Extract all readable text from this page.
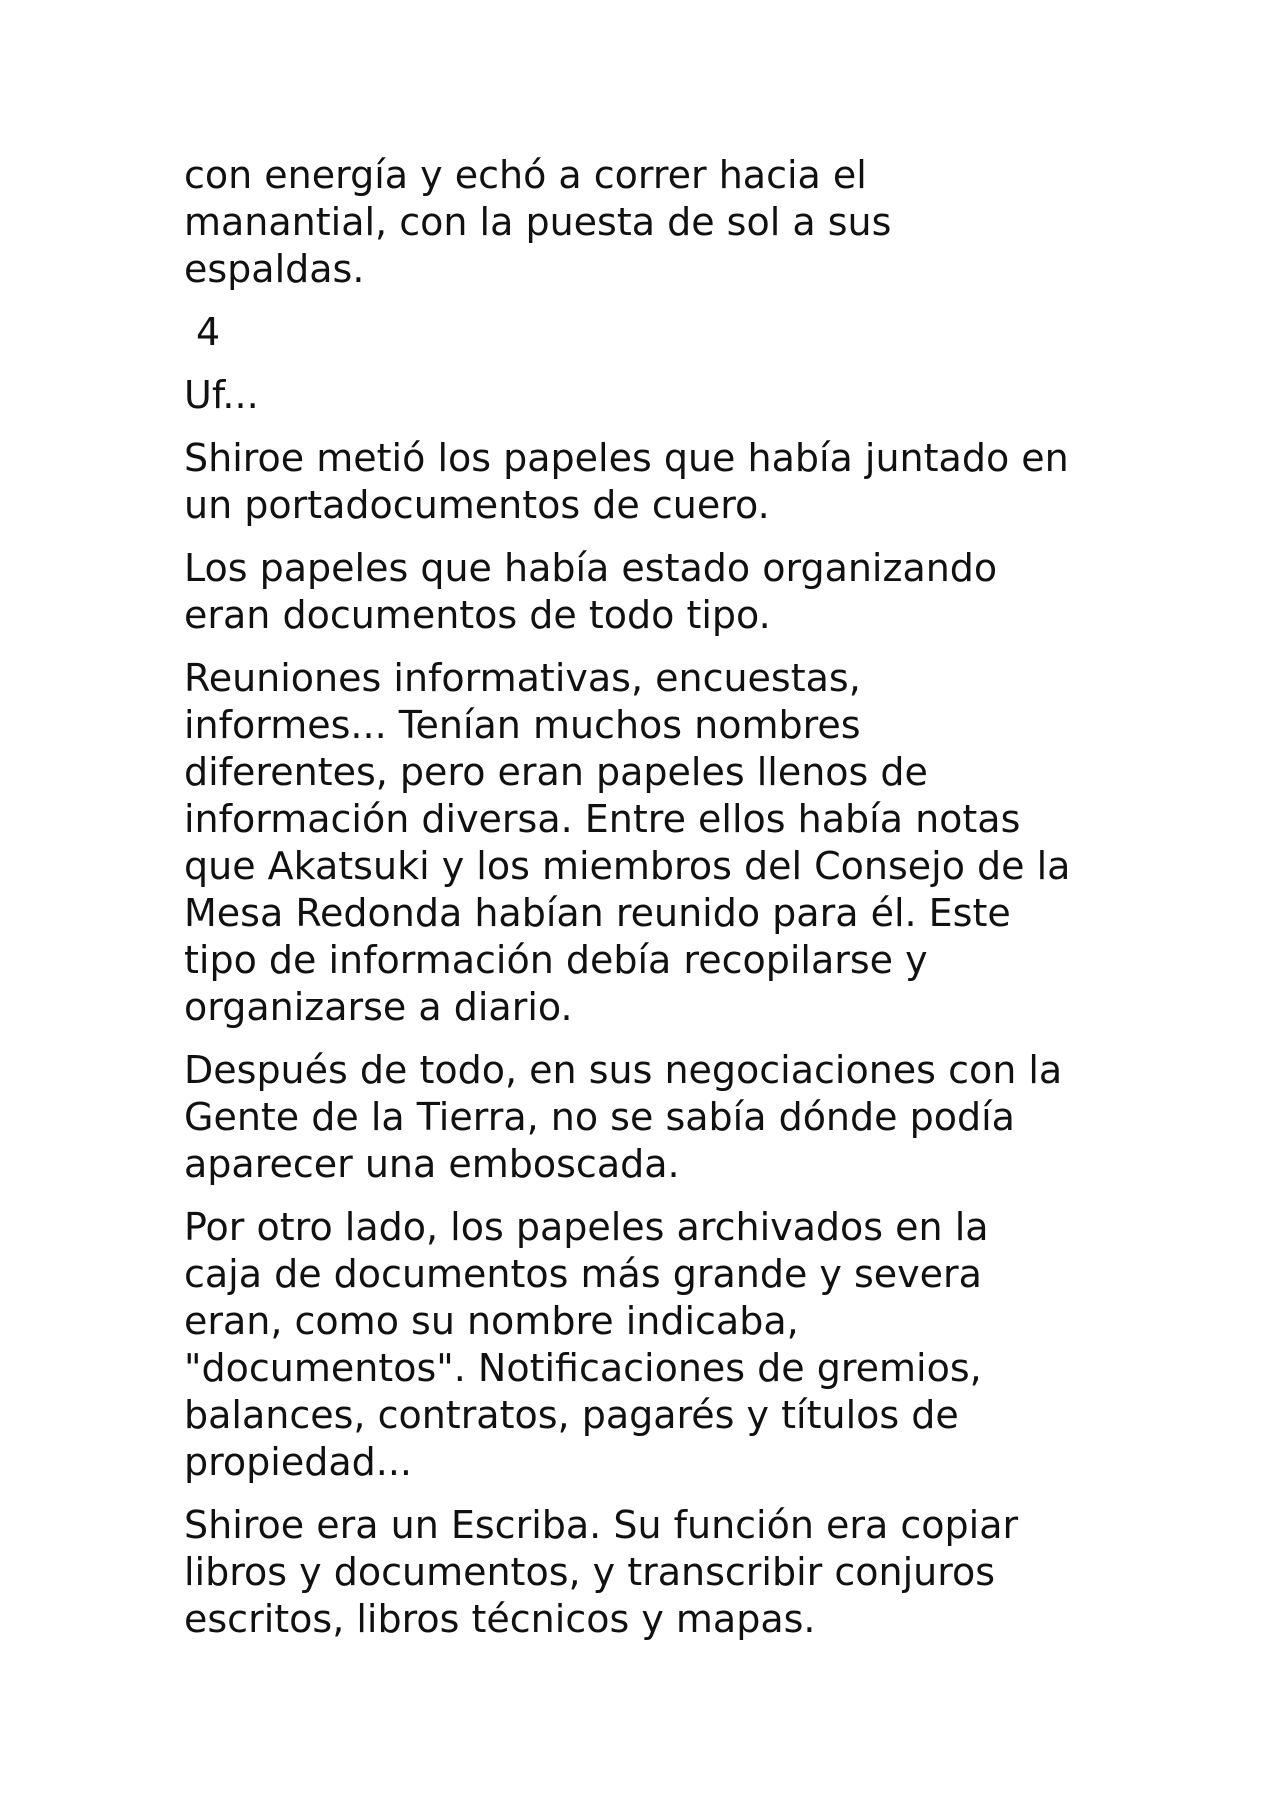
con energía y echó a correr hacia el
manantial, con la puesta de sol a sus
espaldas.

4

Uf...

Shiroe metió los papeles que había juntado en
un portadocumentos de cuero.

Los papeles que había estado organizando
eran documentos de todo tipo.

Reuniones informativas, encuestas,
informes... Tenían muchos nombres
diferentes, pero eran papeles llenos de
información diversa. Entre ellos había notas
que Akatsuki y los miembros del Consejo de la
Mesa Redonda habían reunido para él. Este
tipo de información debía recopilarse y
organizarse a diario.

Después de todo, en sus negociaciones con la
Gente de la Tierra, no se sabía dónde podía
aparecer una emboscada.

Por otro lado, los papeles archivados en la
caja de documentos más grande y severa
eran, como su nombre indicaba,
"documentos". Notificaciones de gremios,
balances, contratos, pagarés y títulos de
propiedad...

Shiroe era un Escriba. Su función era copiar
libros y documentos, y transcribir conjuros
escritos, libros técnicos y mapas.
